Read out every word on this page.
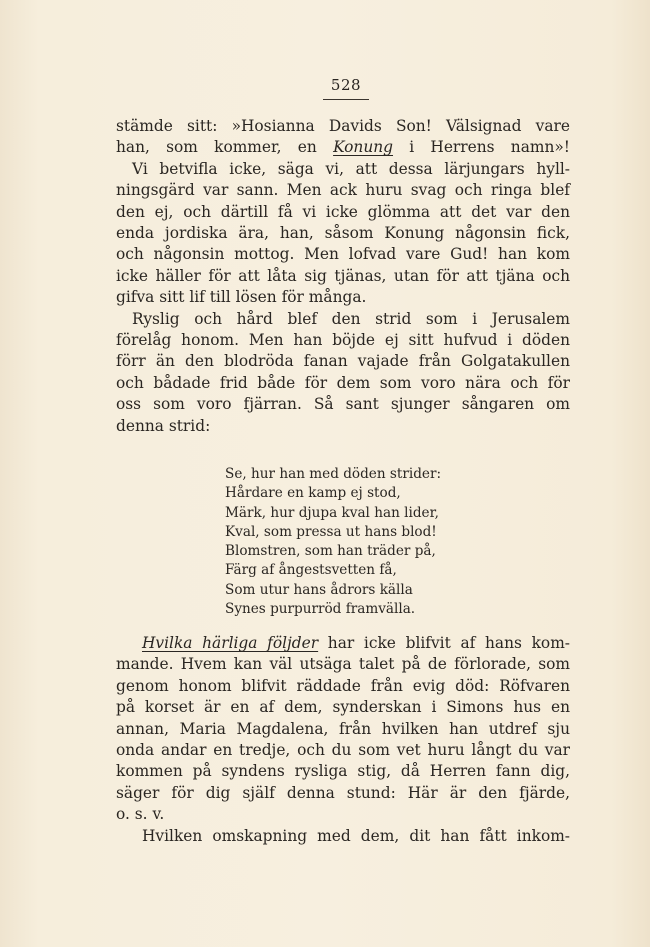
528
stämde sitt: »Hosianna Davids Son! Välsignad vare
han, som kommer, en Konung i Herrens namn»!
Vi betvifla icke, säga vi, att dessa lärjungars hyll-
ningsgärd var sann. Men ack huru svag och ringa blef
den ej, och därtill få vi icke glömma att det var den
enda jordiska ära, han, såsom Konung någonsin fick,
och någonsin mottog. Men lofvad vare Gud! han kom
icke häller för att låta sig tjänas, utan för att tjäna och
gifva sitt lif till lösen för många.
Ryslig och hård blef den strid som i Jerusalem
förelåg honom. Men han böjde ej sitt hufvud i döden
förr än den blodröda fanan vajade från Golgatakullen
och bådade frid både för dem som voro nära och för
oss som voro fjärran. Så sant sjunger sångaren om
denna strid:
Se, hur han med döden strider:
Hårdare en kamp ej stod,
Märk, hur djupa kval han lider,
Kval, som pressa ut hans blod!
Blomstren, som han träder på,
Färg af ångestsvetten få,
Som utur hans ådrors källa
Synes purpurröd framvälla.
Hvilka härliga följder har icke blifvit af hans kom-
mande. Hvem kan väl utsäga talet på de förlorade, som
genom honom blifvit räddade från evig död: Röfvaren
på korset är en af dem, synderskan i Simons hus en
annan, Maria Magdalena, från hvilken han utdref sju
onda andar en tredje, och du som vet huru långt du var
kommen på syndens rysliga stig, då Herren fann dig,
säger för dig själf denna stund: Här är den fjärde,
o. s. v.
Hvilken omskapning med dem, dit han fått inkom-
